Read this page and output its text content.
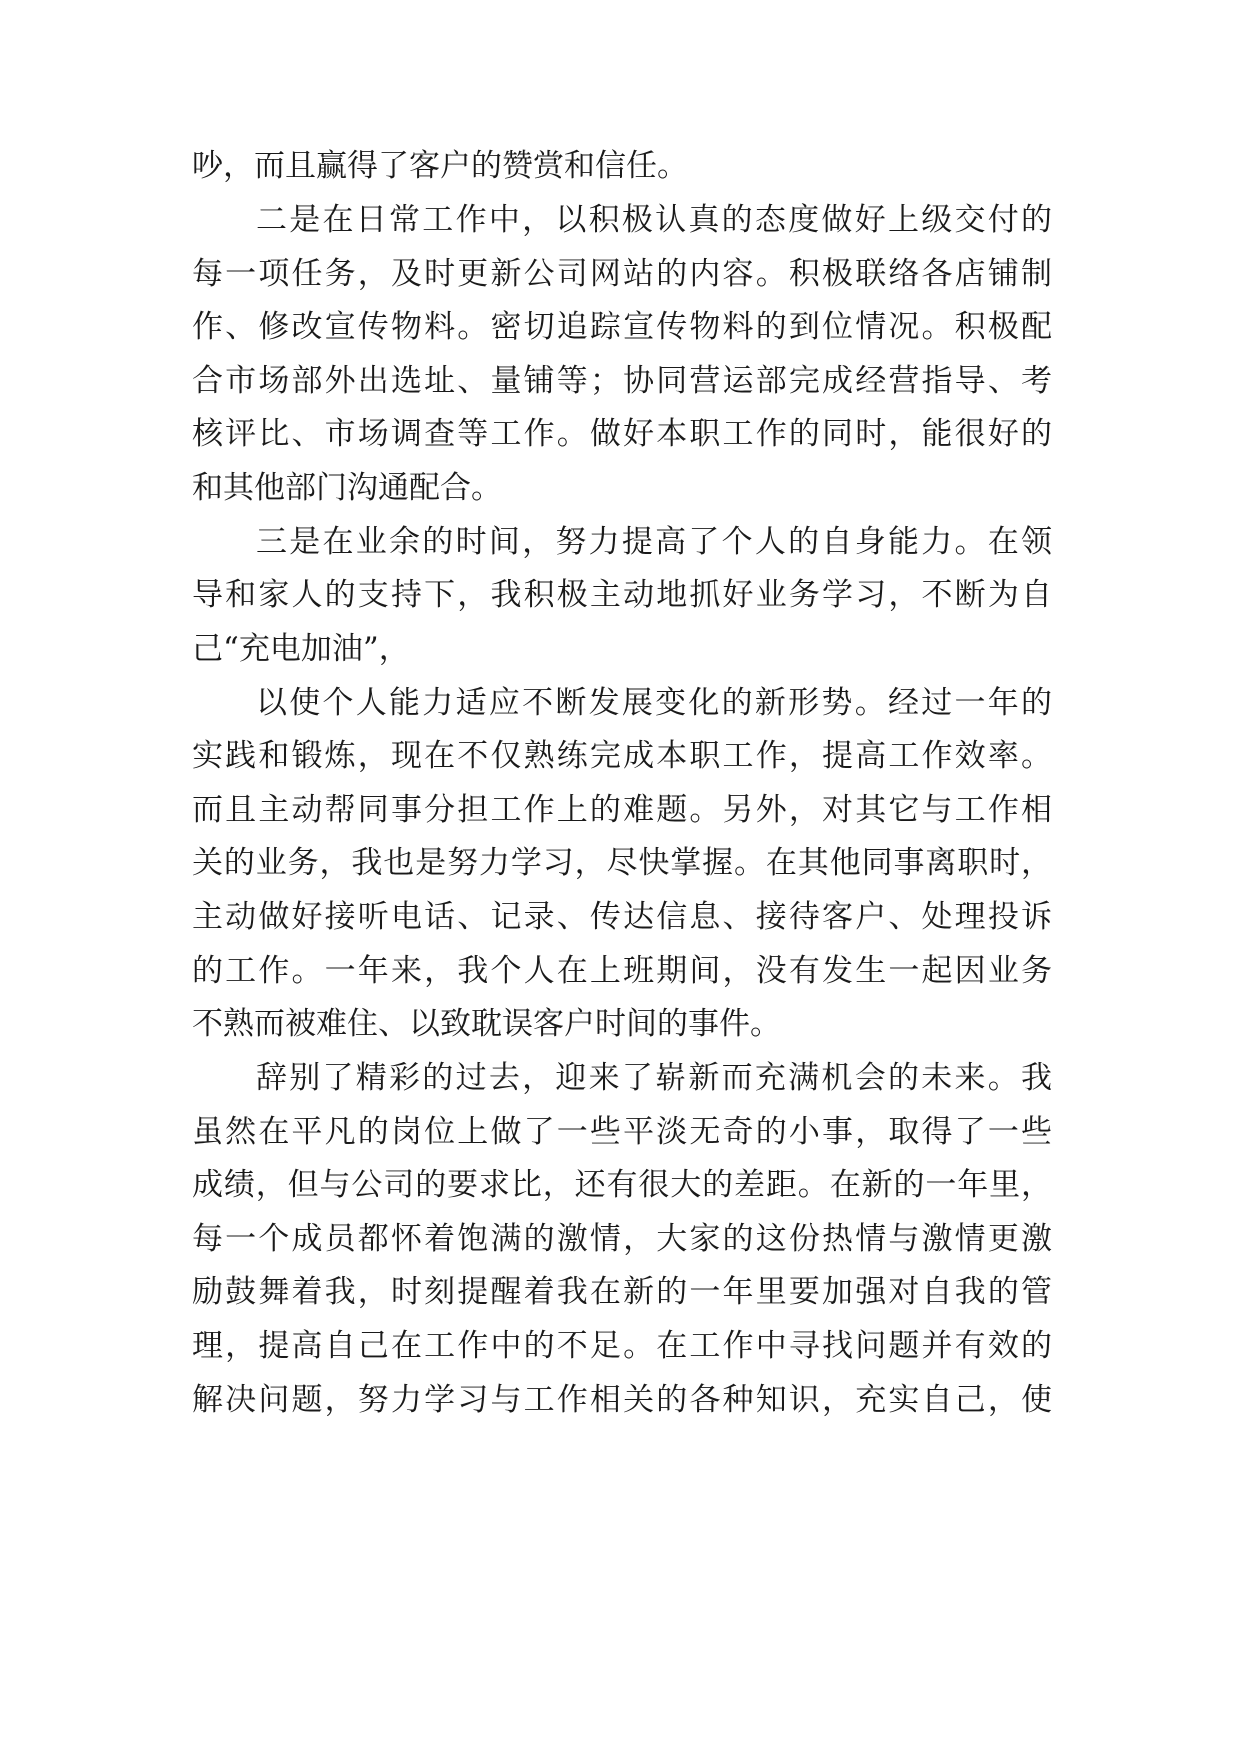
吵，而且赢得了客户的赞赏和信任。
二是在日常工作中，以积极认真的态度做好上级交付的
每一项任务，及时更新公司网站的内容。积极联络各店铺制
作、修改宣传物料。密切追踪宣传物料的到位情况。积极配
合市场部外出选址、量铺等；协同营运部完成经营指导、考
核评比、市场调查等工作。做好本职工作的同时，能很好的
和其他部门沟通配合。
三是在业余的时间，努力提高了个人的自身能力。在领
导和家人的支持下，我积极主动地抓好业务学习，不断为自
己“充电加油”，
以使个人能力适应不断发展变化的新形势。经过一年的
实践和锻炼，现在不仅熟练完成本职工作，提高工作效率。
而且主动帮同事分担工作上的难题。另外，对其它与工作相
关的业务，我也是努力学习，尽快掌握。在其他同事离职时，
主动做好接听电话、记录、传达信息、接待客户、处理投诉
的工作。一年来，我个人在上班期间，没有发生一起因业务
不熟而被难住、以致耽误客户时间的事件。
辞别了精彩的过去，迎来了崭新而充满机会的未来。我
虽然在平凡的岗位上做了一些平淡无奇的小事，取得了一些
成绩，但与公司的要求比，还有很大的差距。在新的一年里，
每一个成员都怀着饱满的激情，大家的这份热情与激情更激
励鼓舞着我，时刻提醒着我在新的一年里要加强对自我的管
理，提高自己在工作中的不足。在工作中寻找问题并有效的
解决问题，努力学习与工作相关的各种知识，充实自己，使
